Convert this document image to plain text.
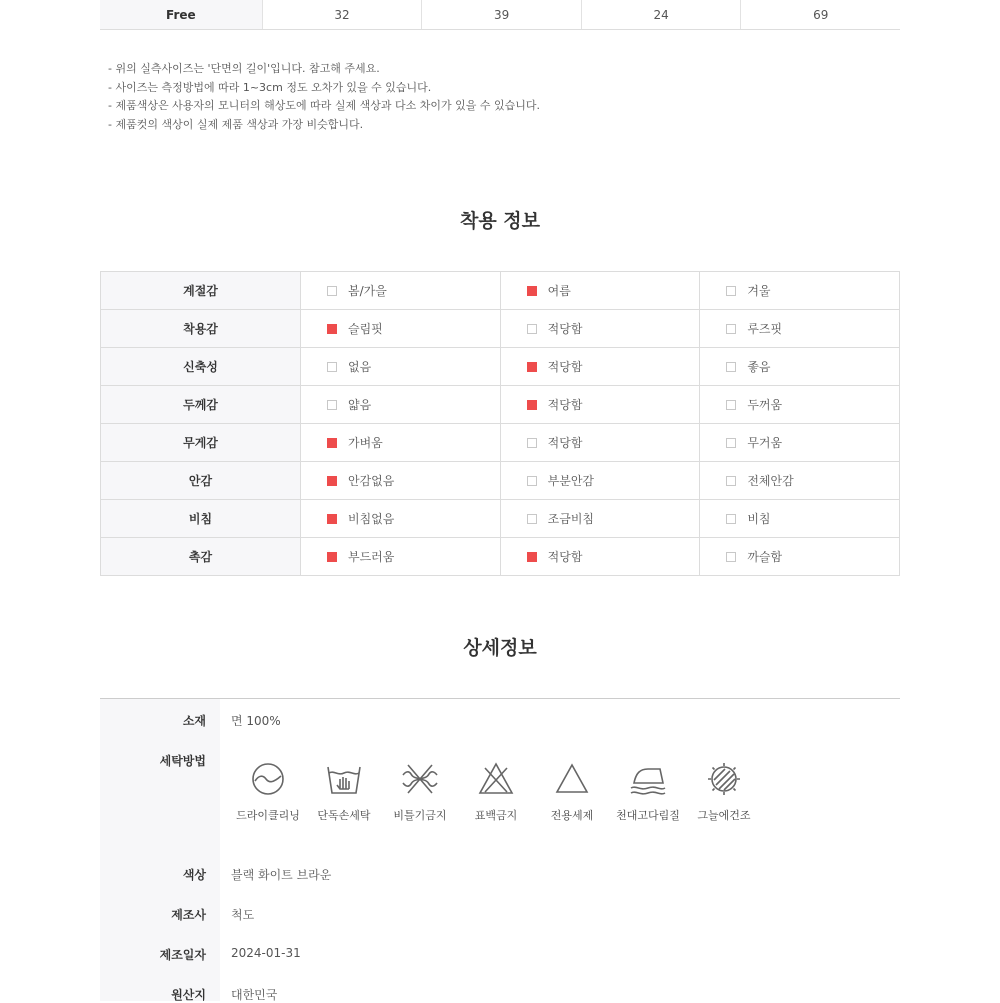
Free	32	39	24	69
- 위의 실측사이즈는 '단면의 길이'입니다. 참고해 주세요.
- 사이즈는 측정방법에 따라 1~3cm 정도 오차가 있을 수 있습니다.
- 제품색상은 사용자의 모니터의 해상도에 따라 실제 색상과 다소 차이가 있을 수 있습니다.
- 제품컷의 색상이 실제 제품 색상과 가장 비슷합니다.
착용 정보
계절감	봄/가을	여름	겨울
착용감	슬림핏	적당함	루즈핏
신축성	없음	적당함	좋음
두께감	얇음	적당함	두꺼움
무게감	가벼움	적당함	무거움
안감	안감없음	부분안감	전체안감
비침	비침없음	조금비침	비침
촉감	부드러움	적당함	까슬함
상세정보
소재 면 100%
세탁방법
드라이클리닝	단독손세탁	비틀기금지	표백금지	전용세제	천대고다림질	그늘에건조
색상 블랙 화이트 브라운
제조사 척도
제조일자 2024-01-31
원산지 대한민국
